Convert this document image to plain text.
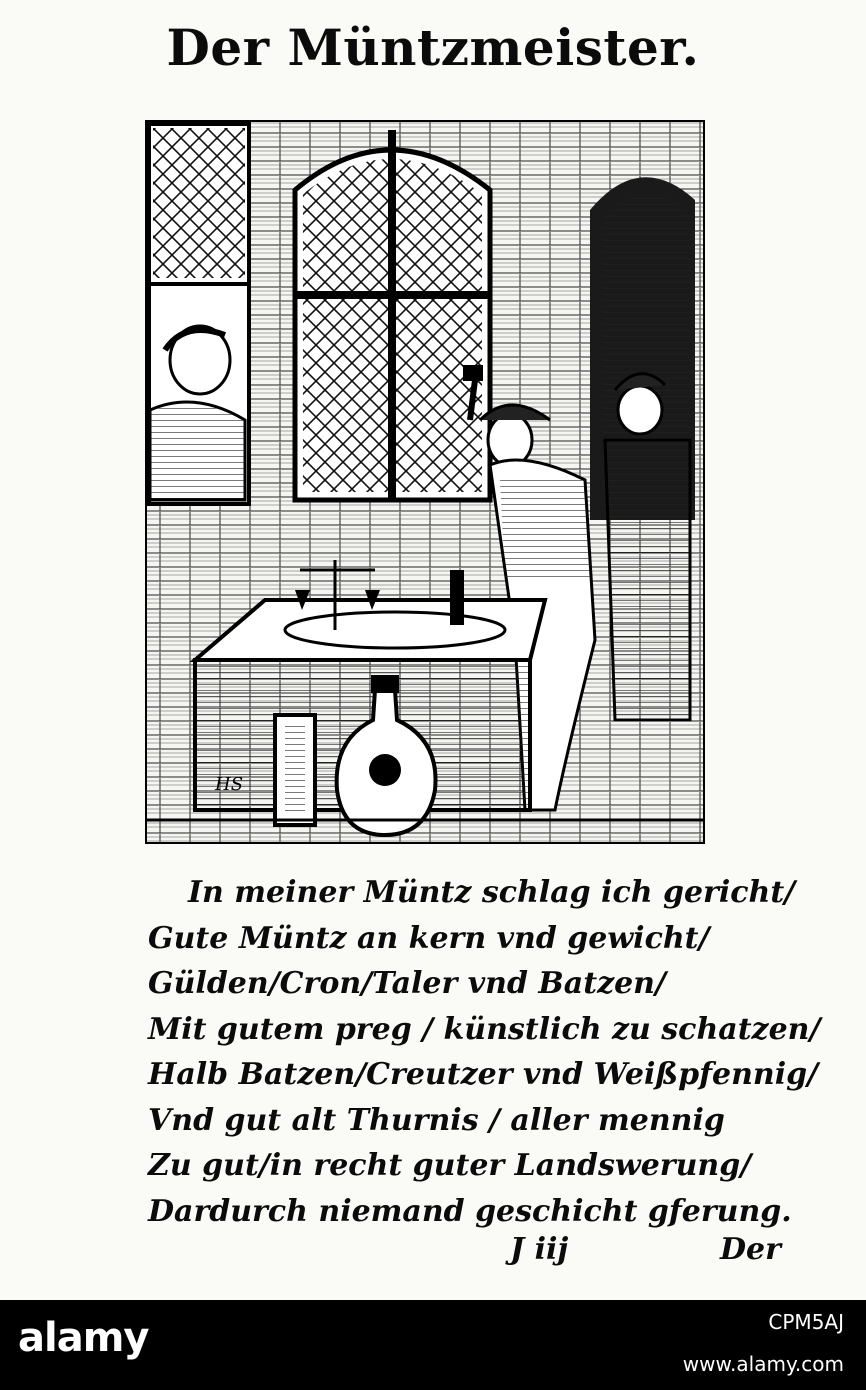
Der Müntzmeister.
HS
In meiner Müntz schlag ich gericht/
Gute Müntz an kern vnd gewicht/
Gülden/Cron/Taler vnd Batzen/
Mit gutem preg / künstlich zu schatzen/
Halb Batzen/Creutzer vnd Weißpfennig/
Vnd gut alt Thurnis / aller mennig
Zu gut/in recht guter Landswerung/
Dardurch niemand geschicht gferung.
J iij	Der
alamy	CPM5AJ
www.alamy.com
